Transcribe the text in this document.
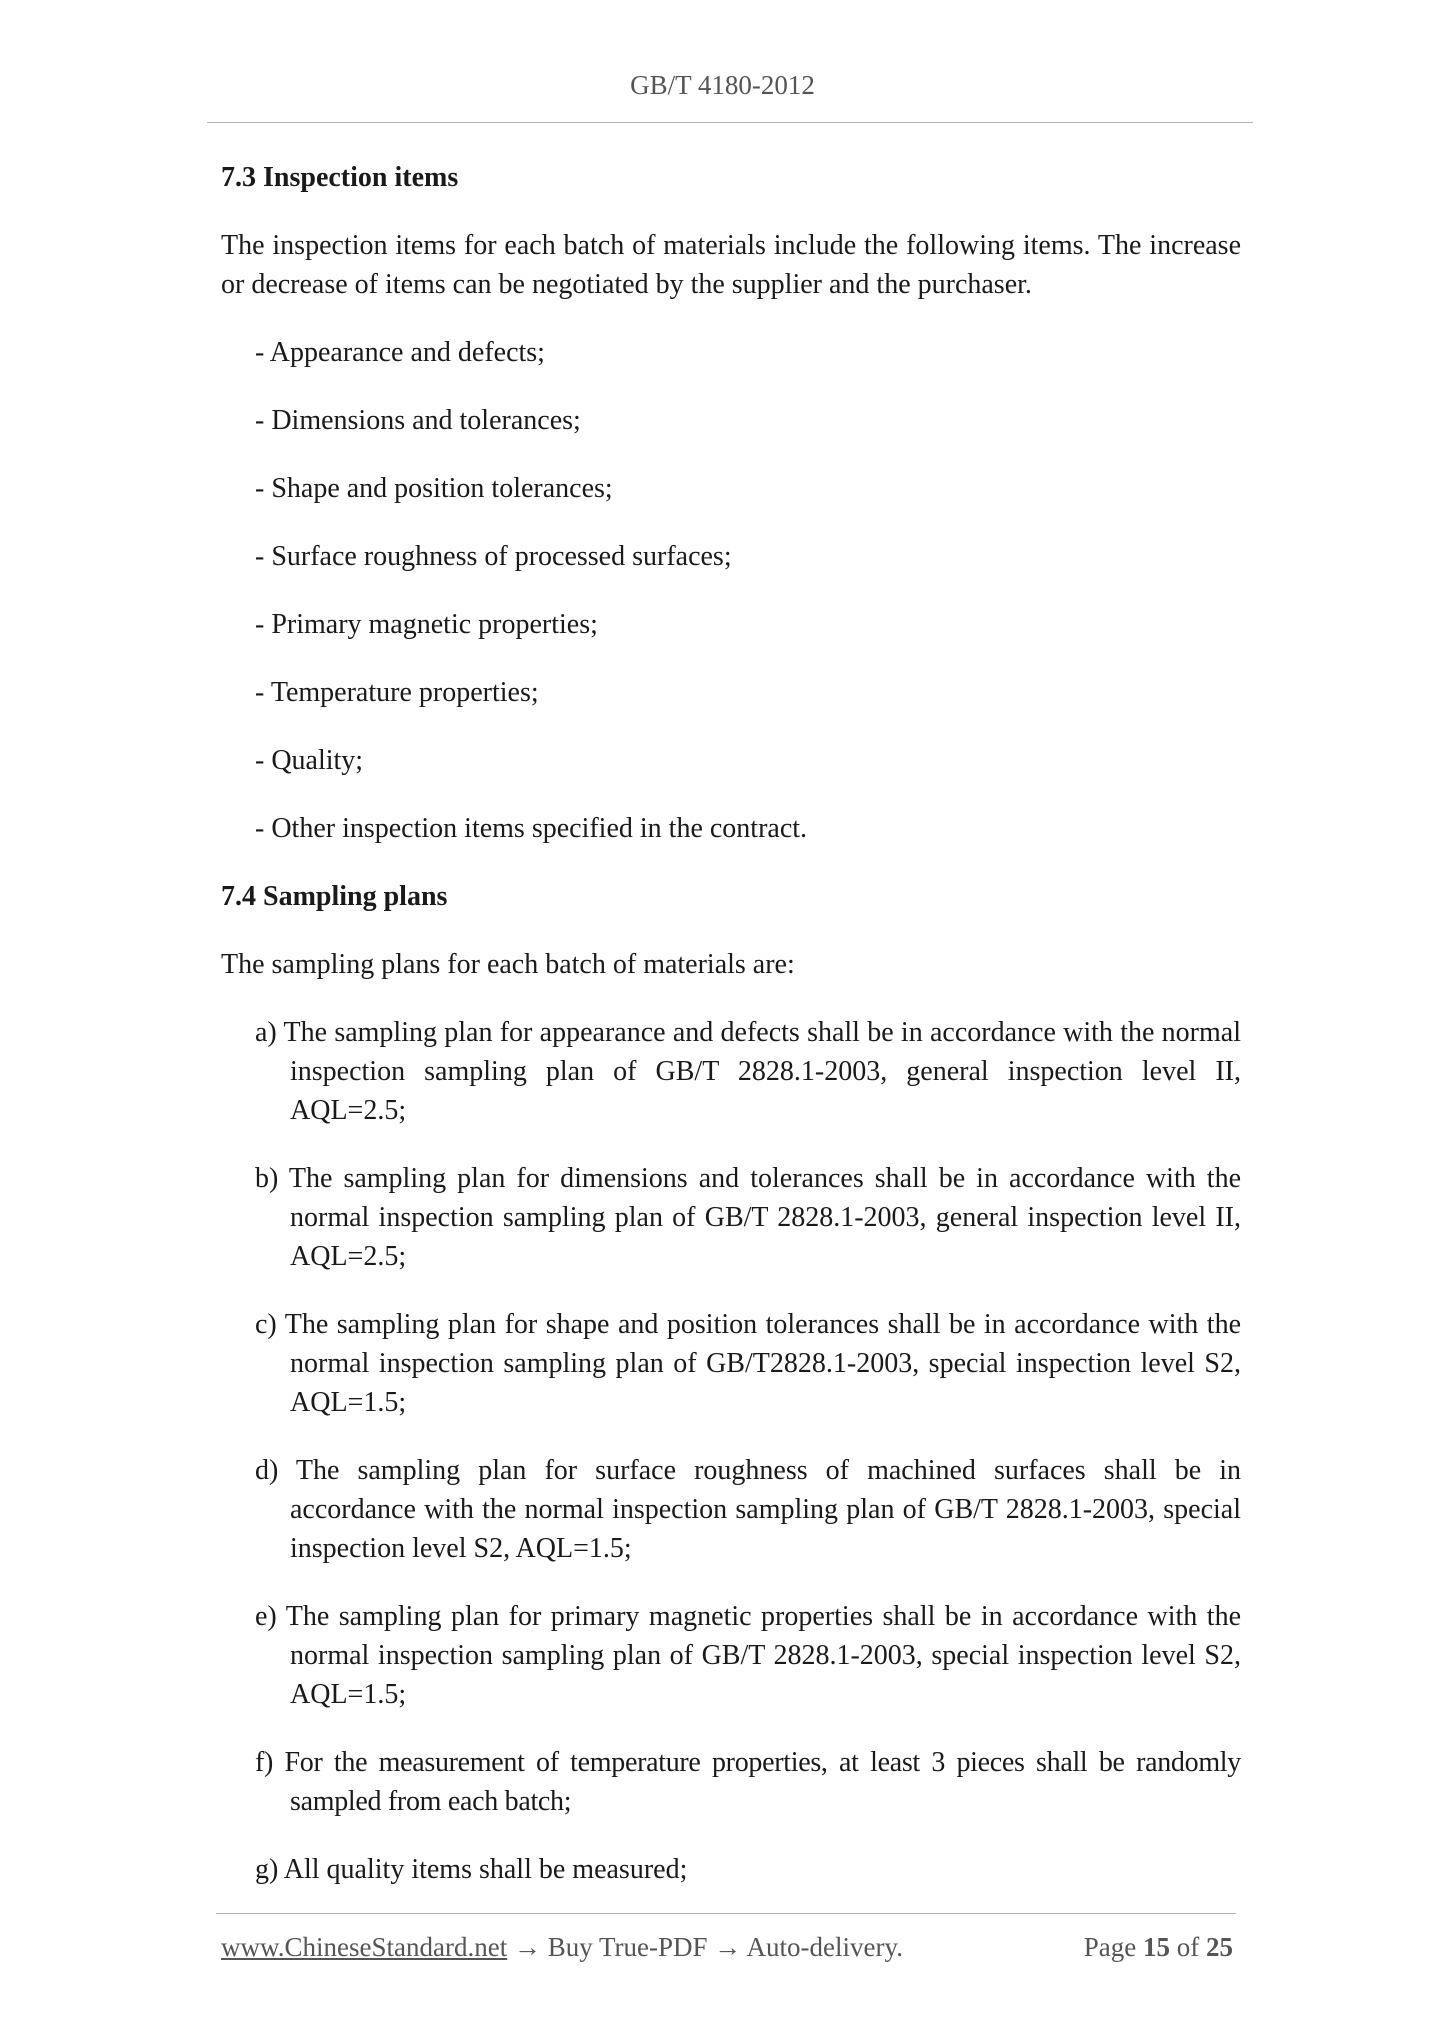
GB/T 4180-2012
7.3 Inspection items
The inspection items for each batch of materials include the following items. The increase or decrease of items can be negotiated by the supplier and the purchaser.
- Appearance and defects;
- Dimensions and tolerances;
- Shape and position tolerances;
- Surface roughness of processed surfaces;
- Primary magnetic properties;
- Temperature properties;
- Quality;
- Other inspection items specified in the contract.
7.4 Sampling plans
The sampling plans for each batch of materials are:
a) The sampling plan for appearance and defects shall be in accordance with the normal inspection sampling plan of GB/T 2828.1-2003, general inspection level II, AQL=2.5;
b) The sampling plan for dimensions and tolerances shall be in accordance with the normal inspection sampling plan of GB/T 2828.1-2003, general inspection level II, AQL=2.5;
c) The sampling plan for shape and position tolerances shall be in accordance with the normal inspection sampling plan of GB/T2828.1-2003, special inspection level S2, AQL=1.5;
d) The sampling plan for surface roughness of machined surfaces shall be in accordance with the normal inspection sampling plan of GB/T 2828.1-2003, special inspection level S2, AQL=1.5;
e) The sampling plan for primary magnetic properties shall be in accordance with the normal inspection sampling plan of GB/T 2828.1-2003, special inspection level S2, AQL=1.5;
f) For the measurement of temperature properties, at least 3 pieces shall be randomly sampled from each batch;
g) All quality items shall be measured;
www.ChineseStandard.net → Buy True-PDF → Auto-delivery.	Page 15 of 25
